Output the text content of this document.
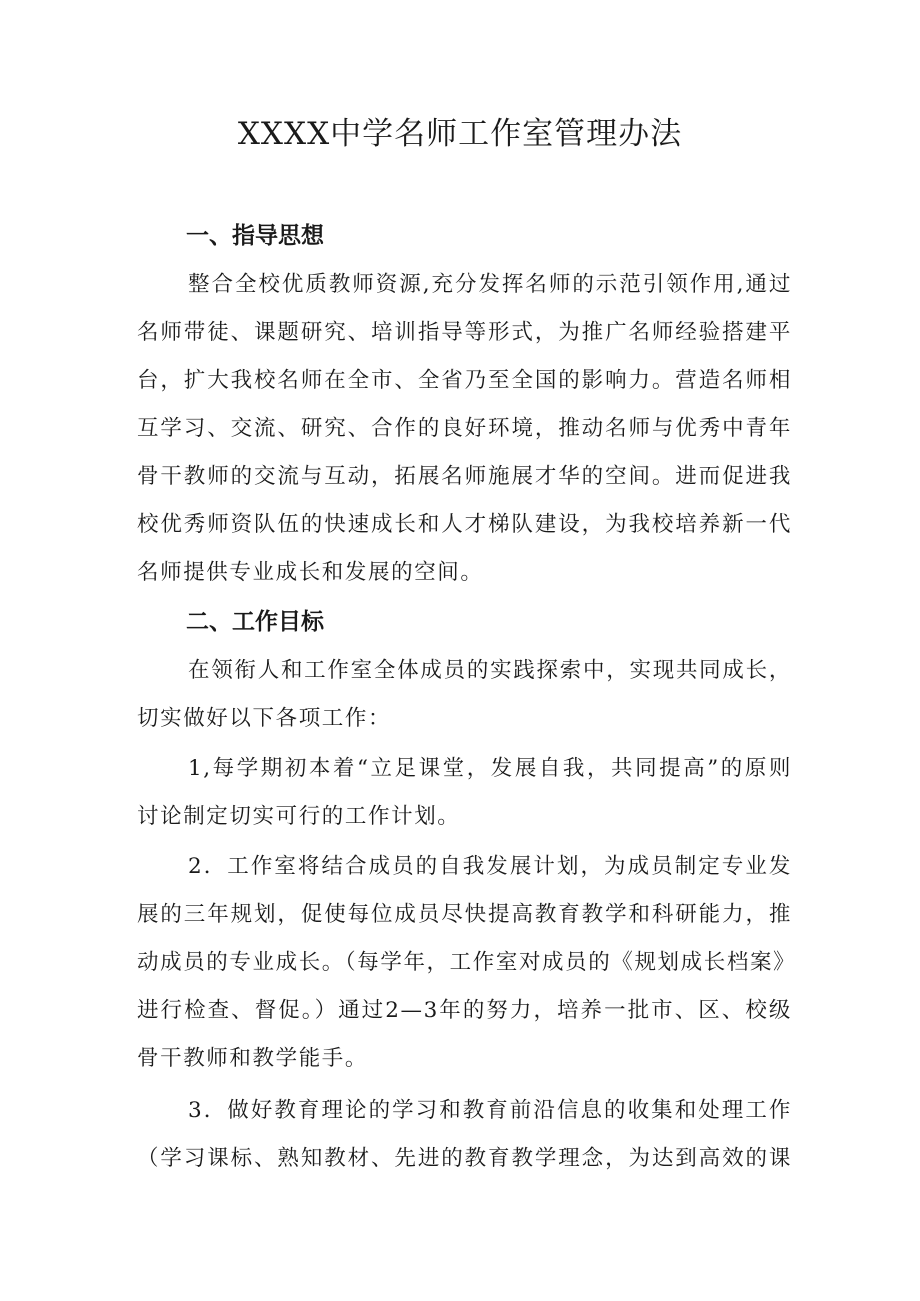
XXXX中学名师工作室管理办法
一、指导思想
整合全校优质教师资源,充分发挥名师的示范引领作用,通过
名师带徒、课题研究、培训指导等形式，为推广名师经验搭建平
台，扩大我校名师在全市、全省乃至全国的影响力。营造名师相
互学习、交流、研究、合作的良好环境，推动名师与优秀中青年
骨干教师的交流与互动，拓展名师施展才华的空间。进而促进我
校优秀师资队伍的快速成长和人才梯队建设，为我校培养新一代
名师提供专业成长和发展的空间。
二、工作目标
在领衔人和工作室全体成员的实践探索中，实现共同成长，
切实做好以下各项工作：
1,每学期初本着“立足课堂，发展自我，共同提高”的原则
讨论制定切实可行的工作计划。
2．工作室将结合成员的自我发展计划，为成员制定专业发
展的三年规划，促使每位成员尽快提高教育教学和科研能力，推
动成员的专业成长。（每学年，工作室对成员的《规划成长档案》
进行检查、督促。）通过2—3年的努力，培养一批市、区、校级
骨干教师和教学能手。
3．做好教育理论的学习和教育前沿信息的收集和处理工作
（学习课标、熟知教材、先进的教育教学理念，为达到高效的课
